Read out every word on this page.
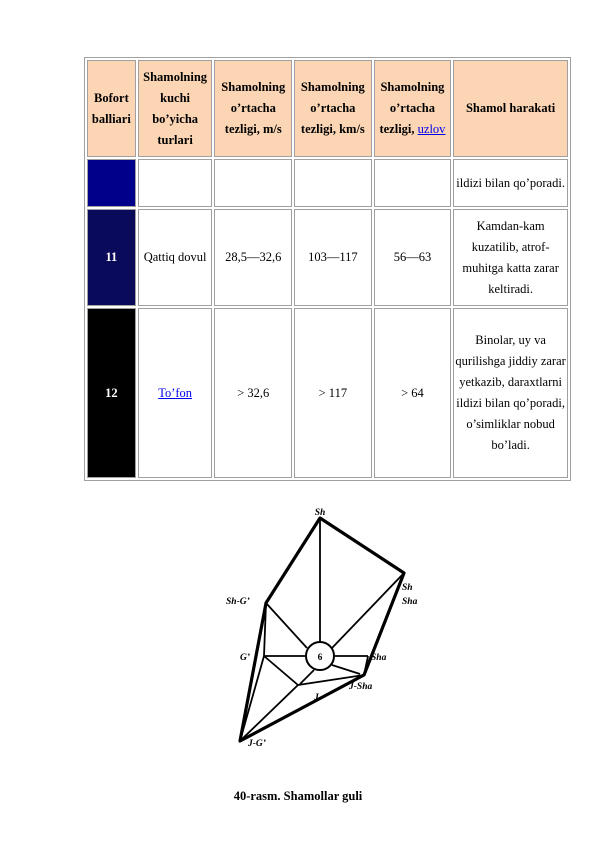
Bofort balliari	Shamolning kuchi bo’yicha turlari	Shamolning o’rtacha tezligi, m/s	Shamolning o’rtacha tezligi, km/s	Shamolning o’rtacha tezligi, uzlov	Shamol harakati
					ildizi bilan qo’poradi.
11	Qattiq dovul	28,5—32,6	103—117	56—63	Kamdan-kam kuzatilib, atrof-muhitga katta zarar keltiradi.
12	To’fon	> 32,6	> 117	> 64	Binolar, uy va qurilishga jiddiy zarar yetkazib, daraxtlarni ildizi bilan qo’poradi, o’simliklar nobud bo’ladi.
6
Sh
Sh
Sha
Sh-G’
Sha
G’
J-Sha
J
J-G’
40-rasm. Shamollar guli
